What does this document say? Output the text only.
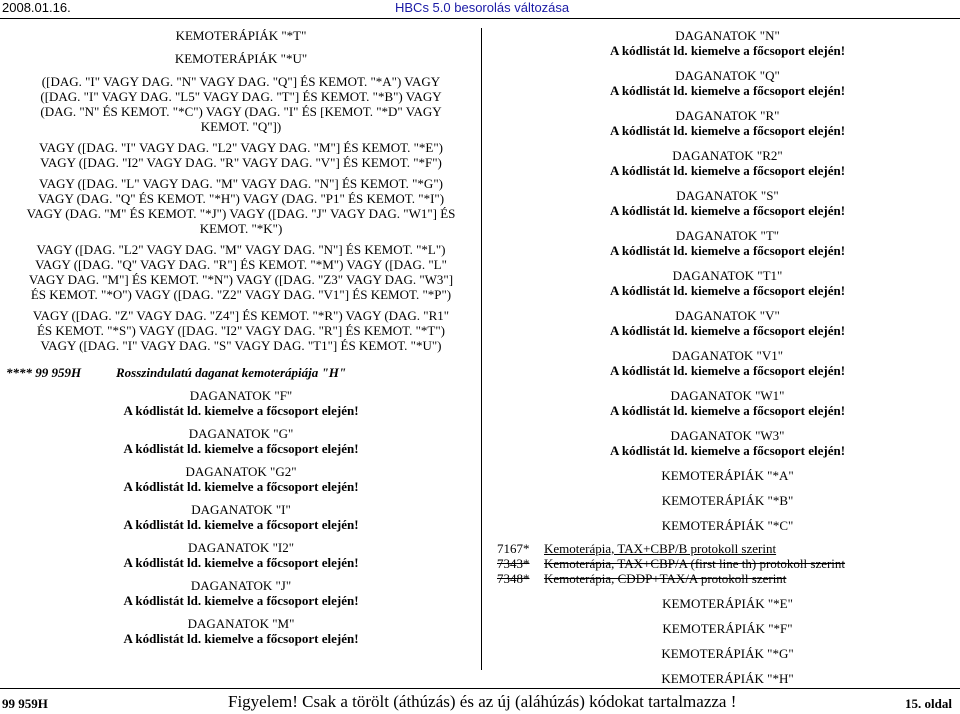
2008.01.16.	HBCs 5.0 besorolás változása
KEMOTERÁPIÁK "*T"
KEMOTERÁPIÁK "*U"
([DAG. "I" VAGY DAG. "N" VAGY DAG. "Q"] ÉS KEMOT. "*A") VAGY
([DAG. "I" VAGY DAG. "L5" VAGY DAG. "T"] ÉS KEMOT. "*B") VAGY
(DAG. "N" ÉS KEMOT. "*C") VAGY (DAG. "I" ÉS [KEMOT. "*D" VAGY
KEMOT. "Q"])
VAGY ([DAG. "I" VAGY DAG. "L2" VAGY DAG. "M"] ÉS KEMOT. "*E")
VAGY ([DAG. "I2" VAGY DAG. "R" VAGY DAG. "V"] ÉS KEMOT. "*F")
VAGY ([DAG. "L" VAGY DAG. "M" VAGY DAG. "N"] ÉS KEMOT. "*G")
VAGY (DAG. "Q" ÉS KEMOT. "*H") VAGY (DAG. "P1" ÉS KEMOT. "*I")
VAGY (DAG. "M" ÉS KEMOT. "*J") VAGY ([DAG. "J" VAGY DAG. "W1"] ÉS
KEMOT. "*K")
VAGY ([DAG. "L2" VAGY DAG. "M" VAGY DAG. "N"] ÉS KEMOT. "*L")
VAGY ([DAG. "Q" VAGY DAG. "R"] ÉS KEMOT. "*M") VAGY ([DAG. "L"
VAGY DAG. "M"] ÉS KEMOT. "*N") VAGY ([DAG. "Z3" VAGY DAG. "W3"]
ÉS KEMOT. "*O") VAGY ([DAG. "Z2" VAGY DAG. "V1"] ÉS KEMOT. "*P")
VAGY ([DAG. "Z" VAGY DAG. "Z4"] ÉS KEMOT. "*R") VAGY (DAG. "R1"
ÉS KEMOT. "*S") VAGY ([DAG. "I2" VAGY DAG. "R"] ÉS KEMOT. "*T")
VAGY ([DAG. "I" VAGY DAG. "S" VAGY DAG. "T1"] ÉS KEMOT. "*U")
**** 99 959H	Rosszindulatú daganat kemoterápiája "H"
DAGANATOK "F"
A kódlistát ld. kiemelve a főcsoport elején!
DAGANATOK "G"
A kódlistát ld. kiemelve a főcsoport elején!
DAGANATOK "G2"
A kódlistát ld. kiemelve a főcsoport elején!
DAGANATOK "I"
A kódlistát ld. kiemelve a főcsoport elején!
DAGANATOK "I2"
A kódlistát ld. kiemelve a főcsoport elején!
DAGANATOK "J"
A kódlistát ld. kiemelve a főcsoport elején!
DAGANATOK "M"
A kódlistát ld. kiemelve a főcsoport elején!
DAGANATOK "N"
A kódlistát ld. kiemelve a főcsoport elején!
DAGANATOK "Q"
A kódlistát ld. kiemelve a főcsoport elején!
DAGANATOK "R"
A kódlistát ld. kiemelve a főcsoport elején!
DAGANATOK "R2"
A kódlistát ld. kiemelve a főcsoport elején!
DAGANATOK "S"
A kódlistát ld. kiemelve a főcsoport elején!
DAGANATOK "T"
A kódlistát ld. kiemelve a főcsoport elején!
DAGANATOK "T1"
A kódlistát ld. kiemelve a főcsoport elején!
DAGANATOK "V"
A kódlistát ld. kiemelve a főcsoport elején!
DAGANATOK "V1"
A kódlistát ld. kiemelve a főcsoport elején!
DAGANATOK "W1"
A kódlistát ld. kiemelve a főcsoport elején!
DAGANATOK "W3"
A kódlistát ld. kiemelve a főcsoport elején!
KEMOTERÁPIÁK "*A"
KEMOTERÁPIÁK "*B"
KEMOTERÁPIÁK "*C"
7167*	Kemoterápia, TAX+CBP/B protokoll szerint
7343*	Kemoterápia, TAX+CBP/A (first line th) protokoll szerint
7348*	Kemoterápia, CDDP+TAX/A protokoll szerint
KEMOTERÁPIÁK "*E"
KEMOTERÁPIÁK "*F"
KEMOTERÁPIÁK "*G"
KEMOTERÁPIÁK "*H"
99 959H	Figyelem! Csak a törölt (áthúzás) és az új (aláhúzás) kódokat tartalmazza !	15. oldal
